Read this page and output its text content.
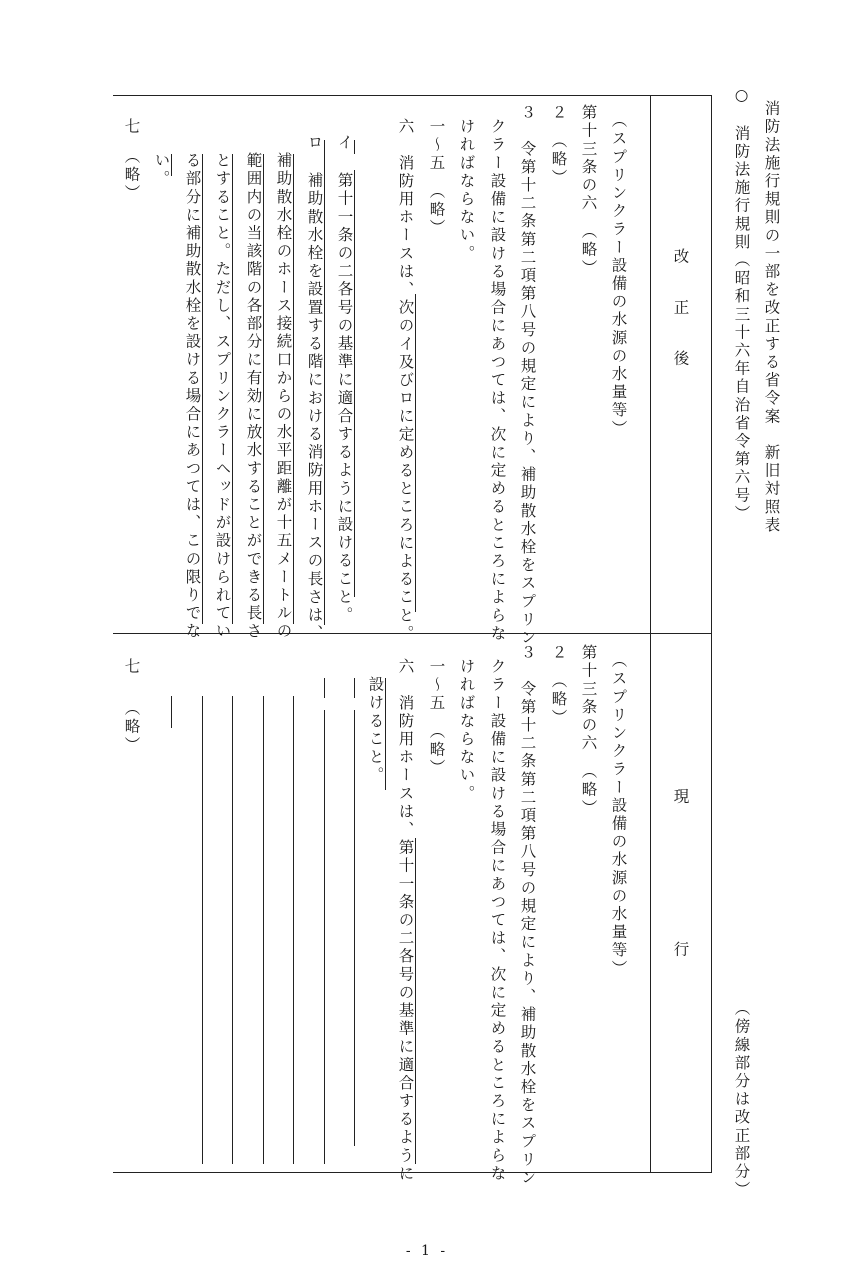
消防法施行規則の一部を改正する省令案　新旧対照表
○　消防法施行規則（昭和三十六年自治省令第六号）
（傍線部分は改正部分）
改　　正　　後
現　　　　　　　　行
（スプリンクラー設備の水源の水量等）
第十三条の六　（略）
２　（略）
３　令第十二条第二項第八号の規定により、補助散水栓をスプリン
クラー設備に設ける場合にあつては、次に定めるところによらな
ければならない。
一～五　（略）
六　消防用ホースは、次のイ及びロに定めるところによること。
イ
第十一条の二各号の基準に適合するように設けること。
ロ
補助散水栓を設置する階における消防用ホースの長さは、
補助散水栓のホース接続口からの水平距離が十五メートルの
範囲内の当該階の各部分に有効に放水することができる長さ
とすること。ただし、スプリンクラーヘッドが設けられてい
る部分に補助散水栓を設ける場合にあつては、この限りでな
い。
七
（略）
（スプリンクラー設備の水源の水量等）
第十三条の六　（略）
２　（略）
３　令第十二条第二項第八号の規定により、補助散水栓をスプリン
クラー設備に設ける場合にあつては、次に定めるところによらな
ければならない。
一～五　（略）
六　消防用ホースは、第十一条の二各号の基準に適合するように
設けること。
七
（略）
- 1 -
